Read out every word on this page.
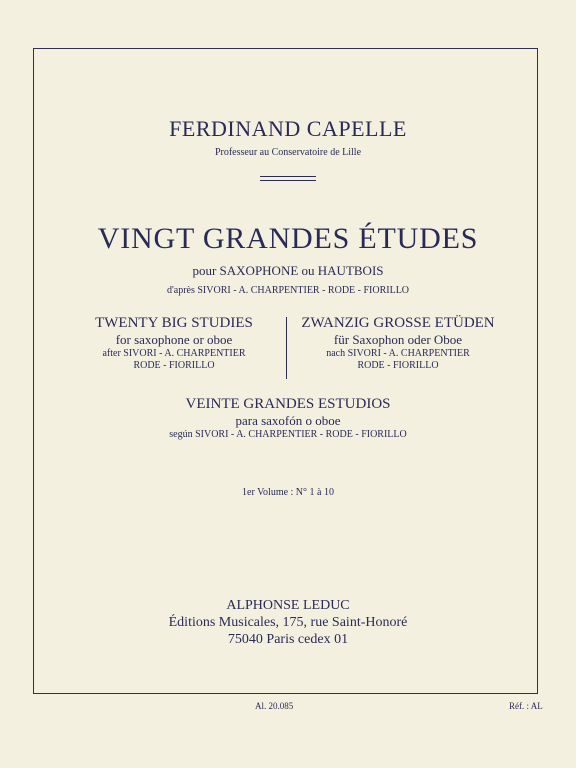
FERDINAND CAPELLE
Professeur au Conservatoire de Lille
VINGT GRANDES ÉTUDES
pour SAXOPHONE ou HAUTBOIS
d'après SIVORI - A. CHARPENTIER - RODE - FIORILLO
TWENTY BIG STUDIES
for saxophone or oboe
after SIVORI - A. CHARPENTIER
RODE - FIORILLO
ZWANZIG GROSSE ETÜDEN
für Saxophon oder Oboe
nach SIVORI - A. CHARPENTIER
RODE - FIORILLO
VEINTE GRANDES ESTUDIOS
para saxofón o oboe
según SIVORI - A. CHARPENTIER - RODE - FIORILLO
1er Volume : N° 1 à 10
ALPHONSE LEDUC
Éditions Musicales, 175, rue Saint-Honoré
75040 Paris cedex 01
Al. 20.085	Réf. : AL
